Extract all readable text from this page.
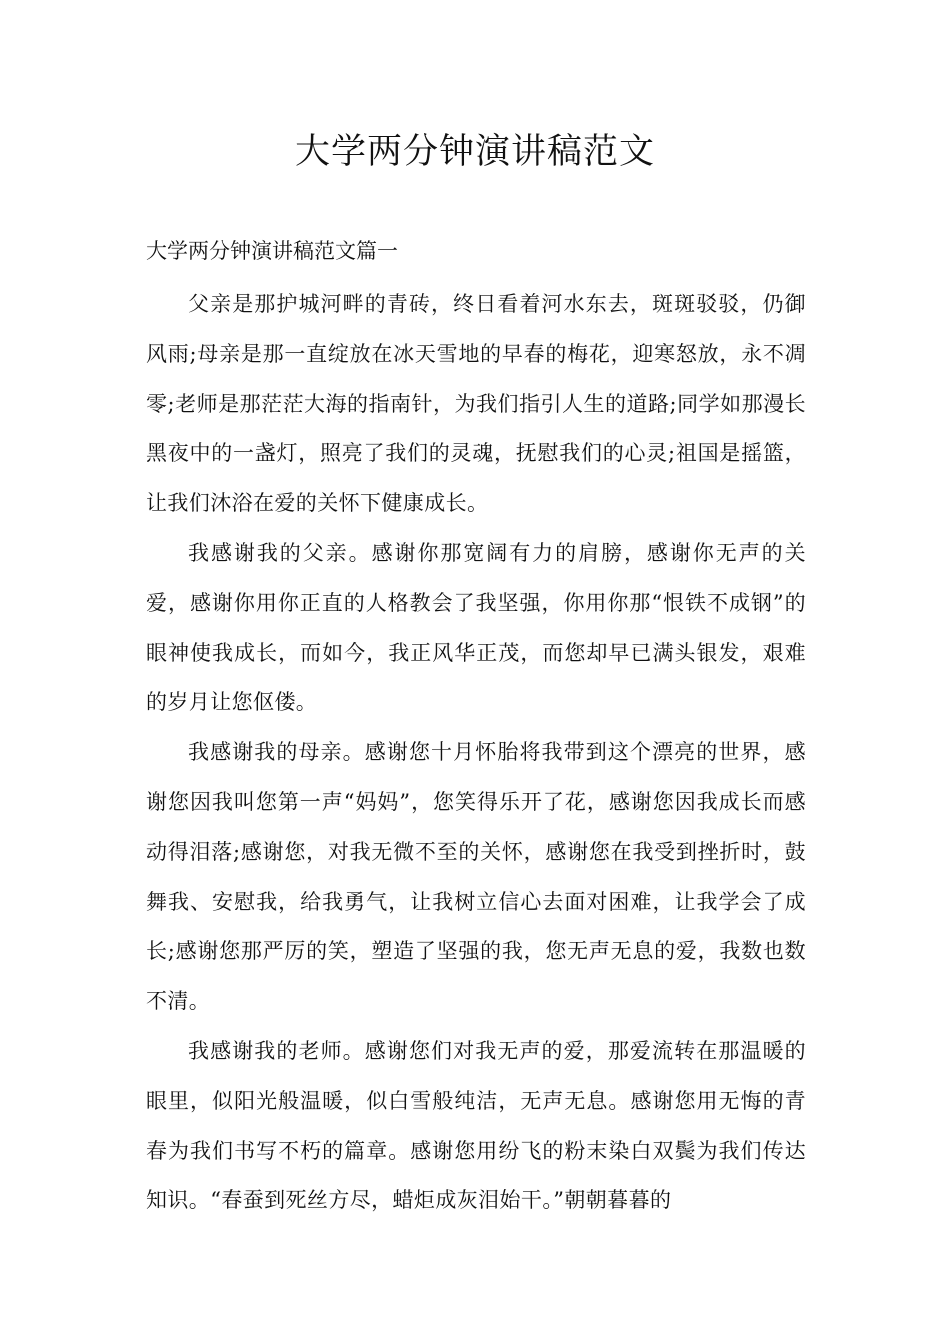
大学两分钟演讲稿范文
大学两分钟演讲稿范文篇一

父亲是那护城河畔的青砖，终日看着河水东去，斑斑驳驳，仍御风雨;母亲是那一直绽放在冰天雪地的早春的梅花，迎寒怒放，永不凋零;老师是那茫茫大海的指南针，为我们指引人生的道路;同学如那漫长黑夜中的一盏灯，照亮了我们的灵魂，抚慰我们的心灵;祖国是摇篮，让我们沐浴在爱的关怀下健康成长。

我感谢我的父亲。感谢你那宽阔有力的肩膀，感谢你无声的关爱，感谢你用你正直的人格教会了我坚强，你用你那“恨铁不成钢”的眼神使我成长，而如今，我正风华正茂，而您却早已满头银发，艰难的岁月让您伛偻。

我感谢我的母亲。感谢您十月怀胎将我带到这个漂亮的世界，感谢您因我叫您第一声“妈妈”，您笑得乐开了花，感谢您因我成长而感动得泪落;感谢您，对我无微不至的关怀，感谢您在我受到挫折时，鼓舞我、安慰我，给我勇气，让我树立信心去面对困难，让我学会了成长;感谢您那严厉的笑，塑造了坚强的我，您无声无息的爱，我数也数不清。

我感谢我的老师。感谢您们对我无声的爱，那爱流转在那温暖的眼里，似阳光般温暖，似白雪般纯洁，无声无息。感谢您用无悔的青春为我们书写不朽的篇章。感谢您用纷飞的粉末染白双鬓为我们传达知识。“春蚕到死丝方尽，蜡炬成灰泪始干。”朝朝暮暮的
